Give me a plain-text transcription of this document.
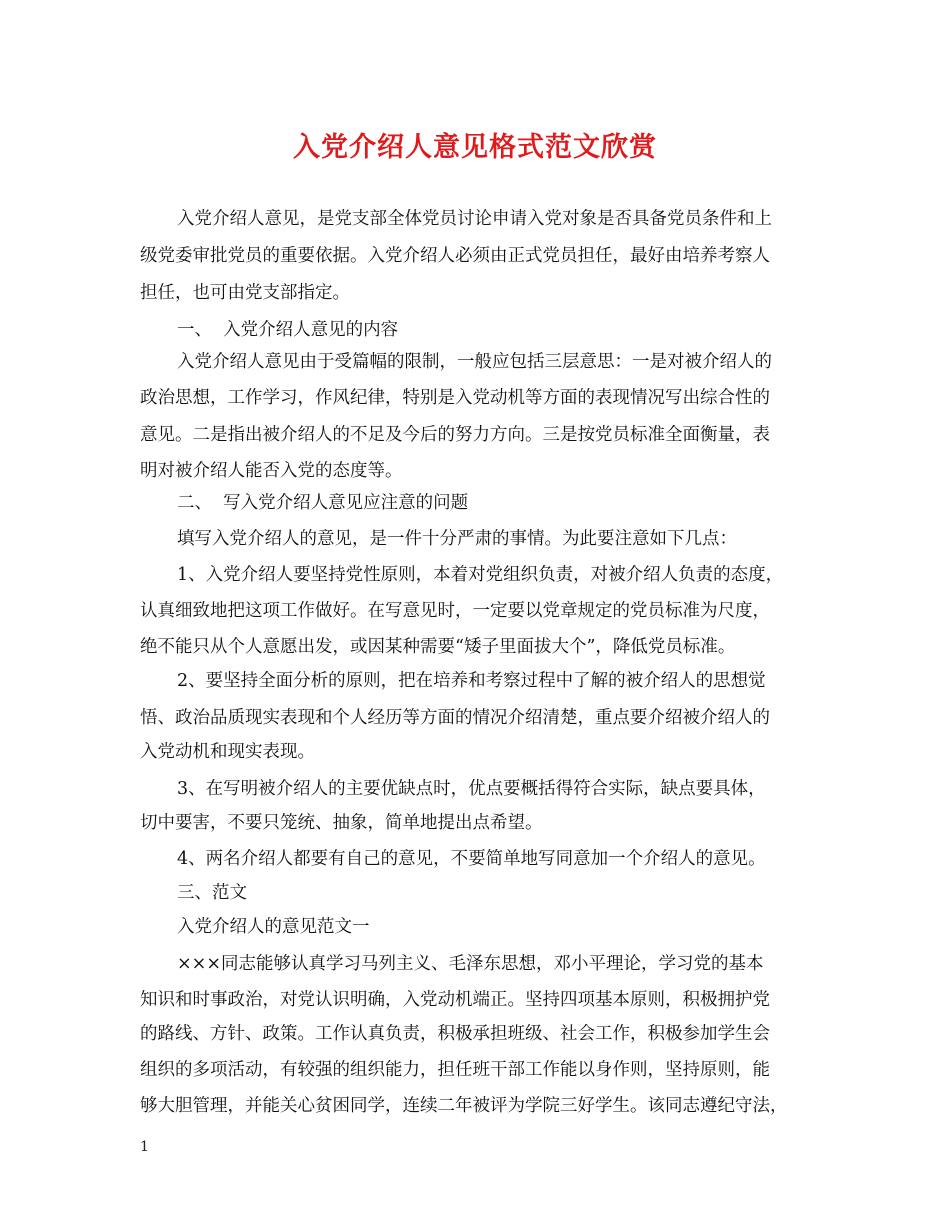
入党介绍人意见格式范文欣赏
入党介绍人意见，是党支部全体党员讨论申请入党对象是否具备党员条件和上
级党委审批党员的重要依据。入党介绍人必须由正式党员担任，最好由培养考察人
担任，也可由党支部指定。
一、  入党介绍人意见的内容
入党介绍人意见由于受篇幅的限制，一般应包括三层意思：一是对被介绍人的
政治思想，工作学习，作风纪律，特别是入党动机等方面的表现情况写出综合性的
意见。二是指出被介绍人的不足及今后的努力方向。三是按党员标准全面衡量，表
明对被介绍人能否入党的态度等。
二、  写入党介绍人意见应注意的问题
填写入党介绍人的意见，是一件十分严肃的事情。为此要注意如下几点：
1、入党介绍人要坚持党性原则，本着对党组织负责，对被介绍人负责的态度，
认真细致地把这项工作做好。在写意见时，一定要以党章规定的党员标准为尺度，
绝不能只从个人意愿出发，或因某种需要“矮子里面拔大个”，降低党员标准。
2、要坚持全面分析的原则，把在培养和考察过程中了解的被介绍人的思想觉
悟、政治品质现实表现和个人经历等方面的情况介绍清楚，重点要介绍被介绍人的
入党动机和现实表现。
3、在写明被介绍人的主要优缺点时，优点要概括得符合实际，缺点要具体，
切中要害，不要只笼统、抽象，简单地提出点希望。
4、两名介绍人都要有自己的意见，不要简单地写同意加一个介绍人的意见。
三、范文
入党介绍人的意见范文一
×××同志能够认真学习马列主义、毛泽东思想，邓小平理论，学习党的基本
知识和时事政治，对党认识明确，入党动机端正。坚持四项基本原则，积极拥护党
的路线、方针、政策。工作认真负责，积极承担班级、社会工作，积极参加学生会
组织的多项活动，有较强的组织能力，担任班干部工作能以身作则，坚持原则，能
够大胆管理，并能关心贫困同学，连续二年被评为学院三好学生。该同志遵纪守法，
1
